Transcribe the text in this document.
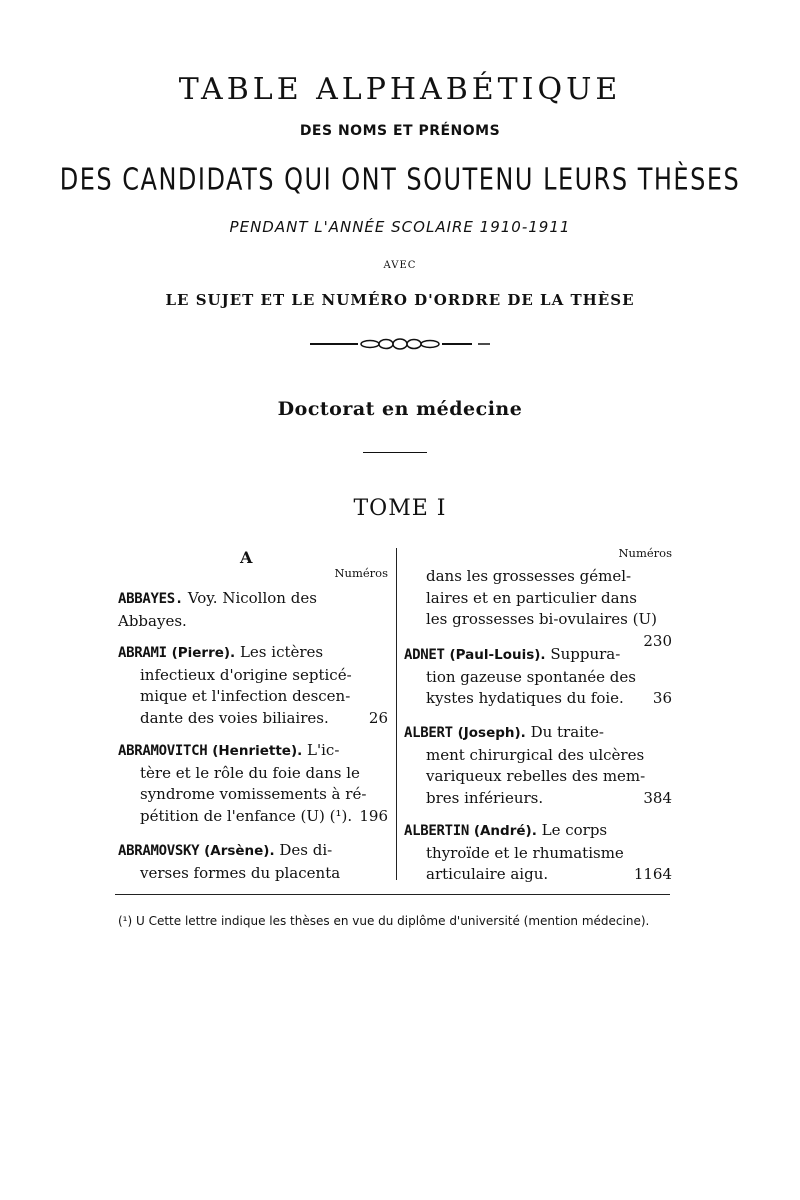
TABLE ALPHABÉTIQUE
DES NOMS ET PRÉNOMS
DES CANDIDATS QUI ONT SOUTENU LEURS THÈSES
PENDANT L'ANNÉE SCOLAIRE 1910-1911
AVEC
LE SUJET ET LE NUMÉRO D'ORDRE DE LA THÈSE
Doctorat en médecine
TOME I
A
Numéros
Numéros
ABBAYES. Voy. Nicollon des
Abbayes.
ABRAMI (Pierre). Les ictères
infectieux d'origine septicé-
mique et l'infection descen-
dante des voies biliaires.	26
ABRAMOVITCH (Henriette). L'ic-
tère et le rôle du foie dans le
syndrome vomissements à ré-
pétition de l'enfance (U) (¹). 196
ABRAMOVSKY (Arsène). Des di-
verses formes du placenta
dans les grossesses gémel-
laires et en particulier dans
les grossesses bi-ovulaires (U)
230
ADNET (Paul-Louis). Suppura-
tion gazeuse spontanée des
kystes hydatiques du foie. 36
ALBERT (Joseph). Du traite-
ment chirurgical des ulcères
variqueux rebelles des mem-
bres inférieurs.	384
ALBERTIN (André). Le corps
thyroïde et le rhumatisme
articulaire aigu.	1164
(¹) U Cette lettre indique les thèses en vue du diplôme d'université (mention médecine).
